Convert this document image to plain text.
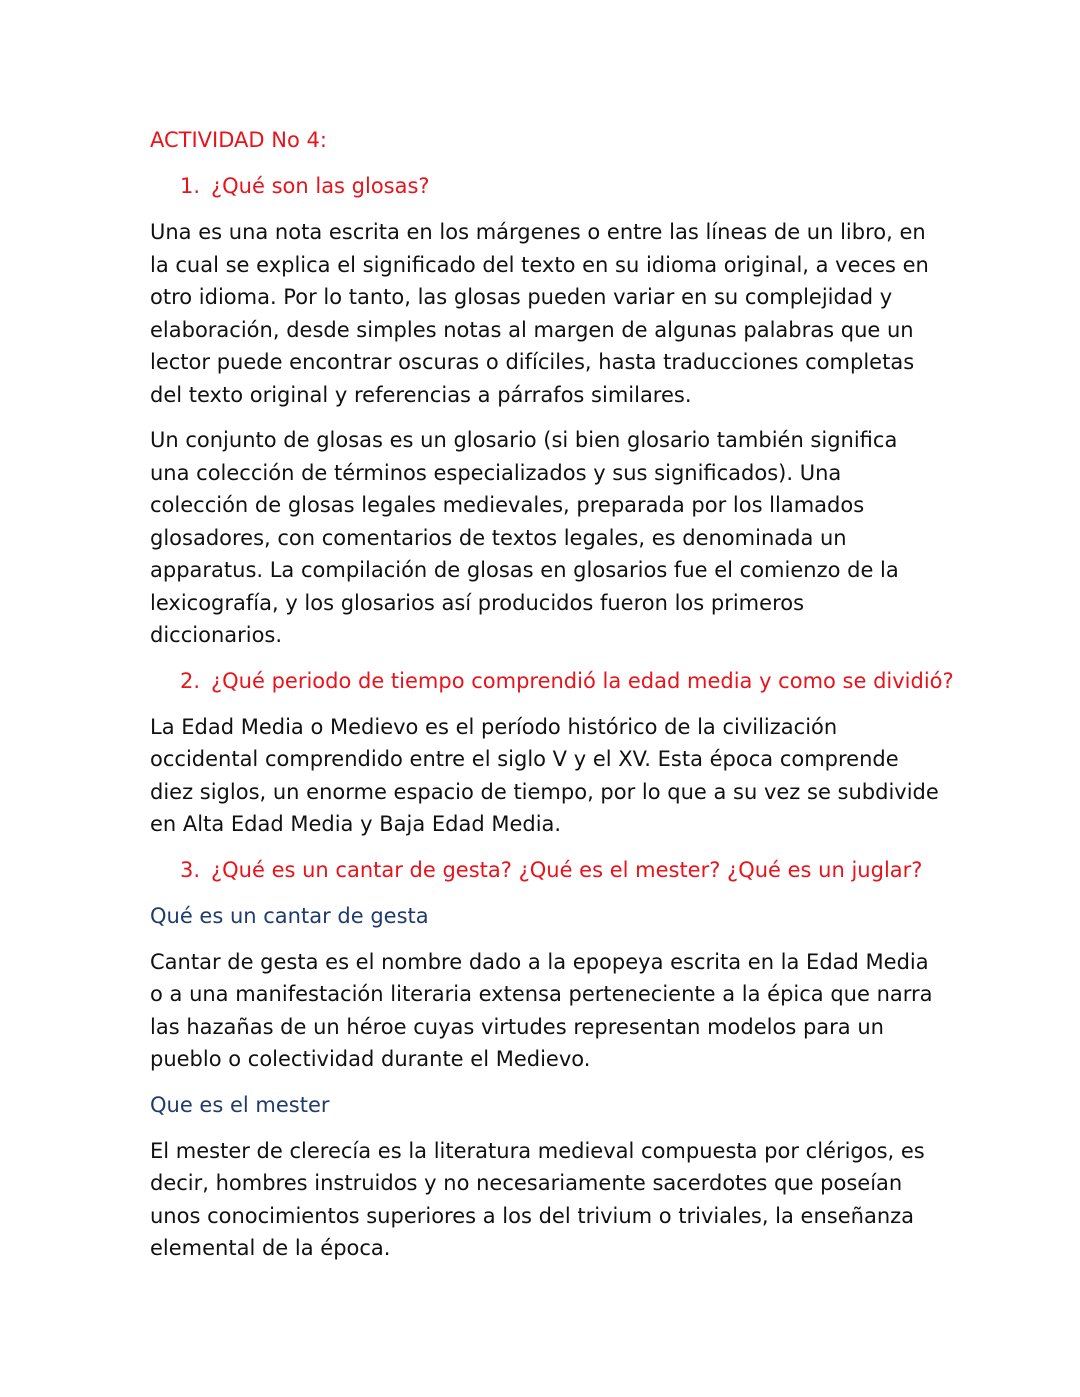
ACTIVIDAD No 4:
1. ¿Qué son las glosas?

Una es una nota escrita en los márgenes o entre las líneas de un libro, en la cual se explica el significado del texto en su idioma original, a veces en otro idioma. Por lo tanto, las glosas pueden variar en su complejidad y elaboración, desde simples notas al margen de algunas palabras que un lector puede encontrar oscuras o difíciles, hasta traducciones completas del texto original y referencias a párrafos similares.

Un conjunto de glosas es un glosario (si bien glosario también significa una colección de términos especializados y sus significados). Una colección de glosas legales medievales, preparada por los llamados glosadores, con comentarios de textos legales, es denominada un apparatus. La compilación de glosas en glosarios fue el comienzo de la lexicografía, y los glosarios así producidos fueron los primeros diccionarios.

2. ¿Qué periodo de tiempo comprendió la edad media y como se dividió?

La Edad Media o Medievo es el período histórico de la civilización occidental comprendido entre el siglo V y el XV. Esta época comprende diez siglos, un enorme espacio de tiempo, por lo que a su vez se subdivide en Alta Edad Media y Baja Edad Media.

3. ¿Qué es un cantar de gesta? ¿Qué es el mester? ¿Qué es un juglar?
Qué es un cantar de gesta

Cantar de gesta es el nombre dado a la epopeya escrita en la Edad Media o a una manifestación literaria extensa perteneciente a la épica que narra las hazañas de un héroe cuyas virtudes representan modelos para un pueblo o colectividad durante el Medievo.

Que es el mester

El mester de clerecía es la literatura medieval compuesta por clérigos, es decir, hombres instruidos y no necesariamente sacerdotes que poseían unos conocimientos superiores a los del trivium o triviales, la enseñanza elemental de la época.
